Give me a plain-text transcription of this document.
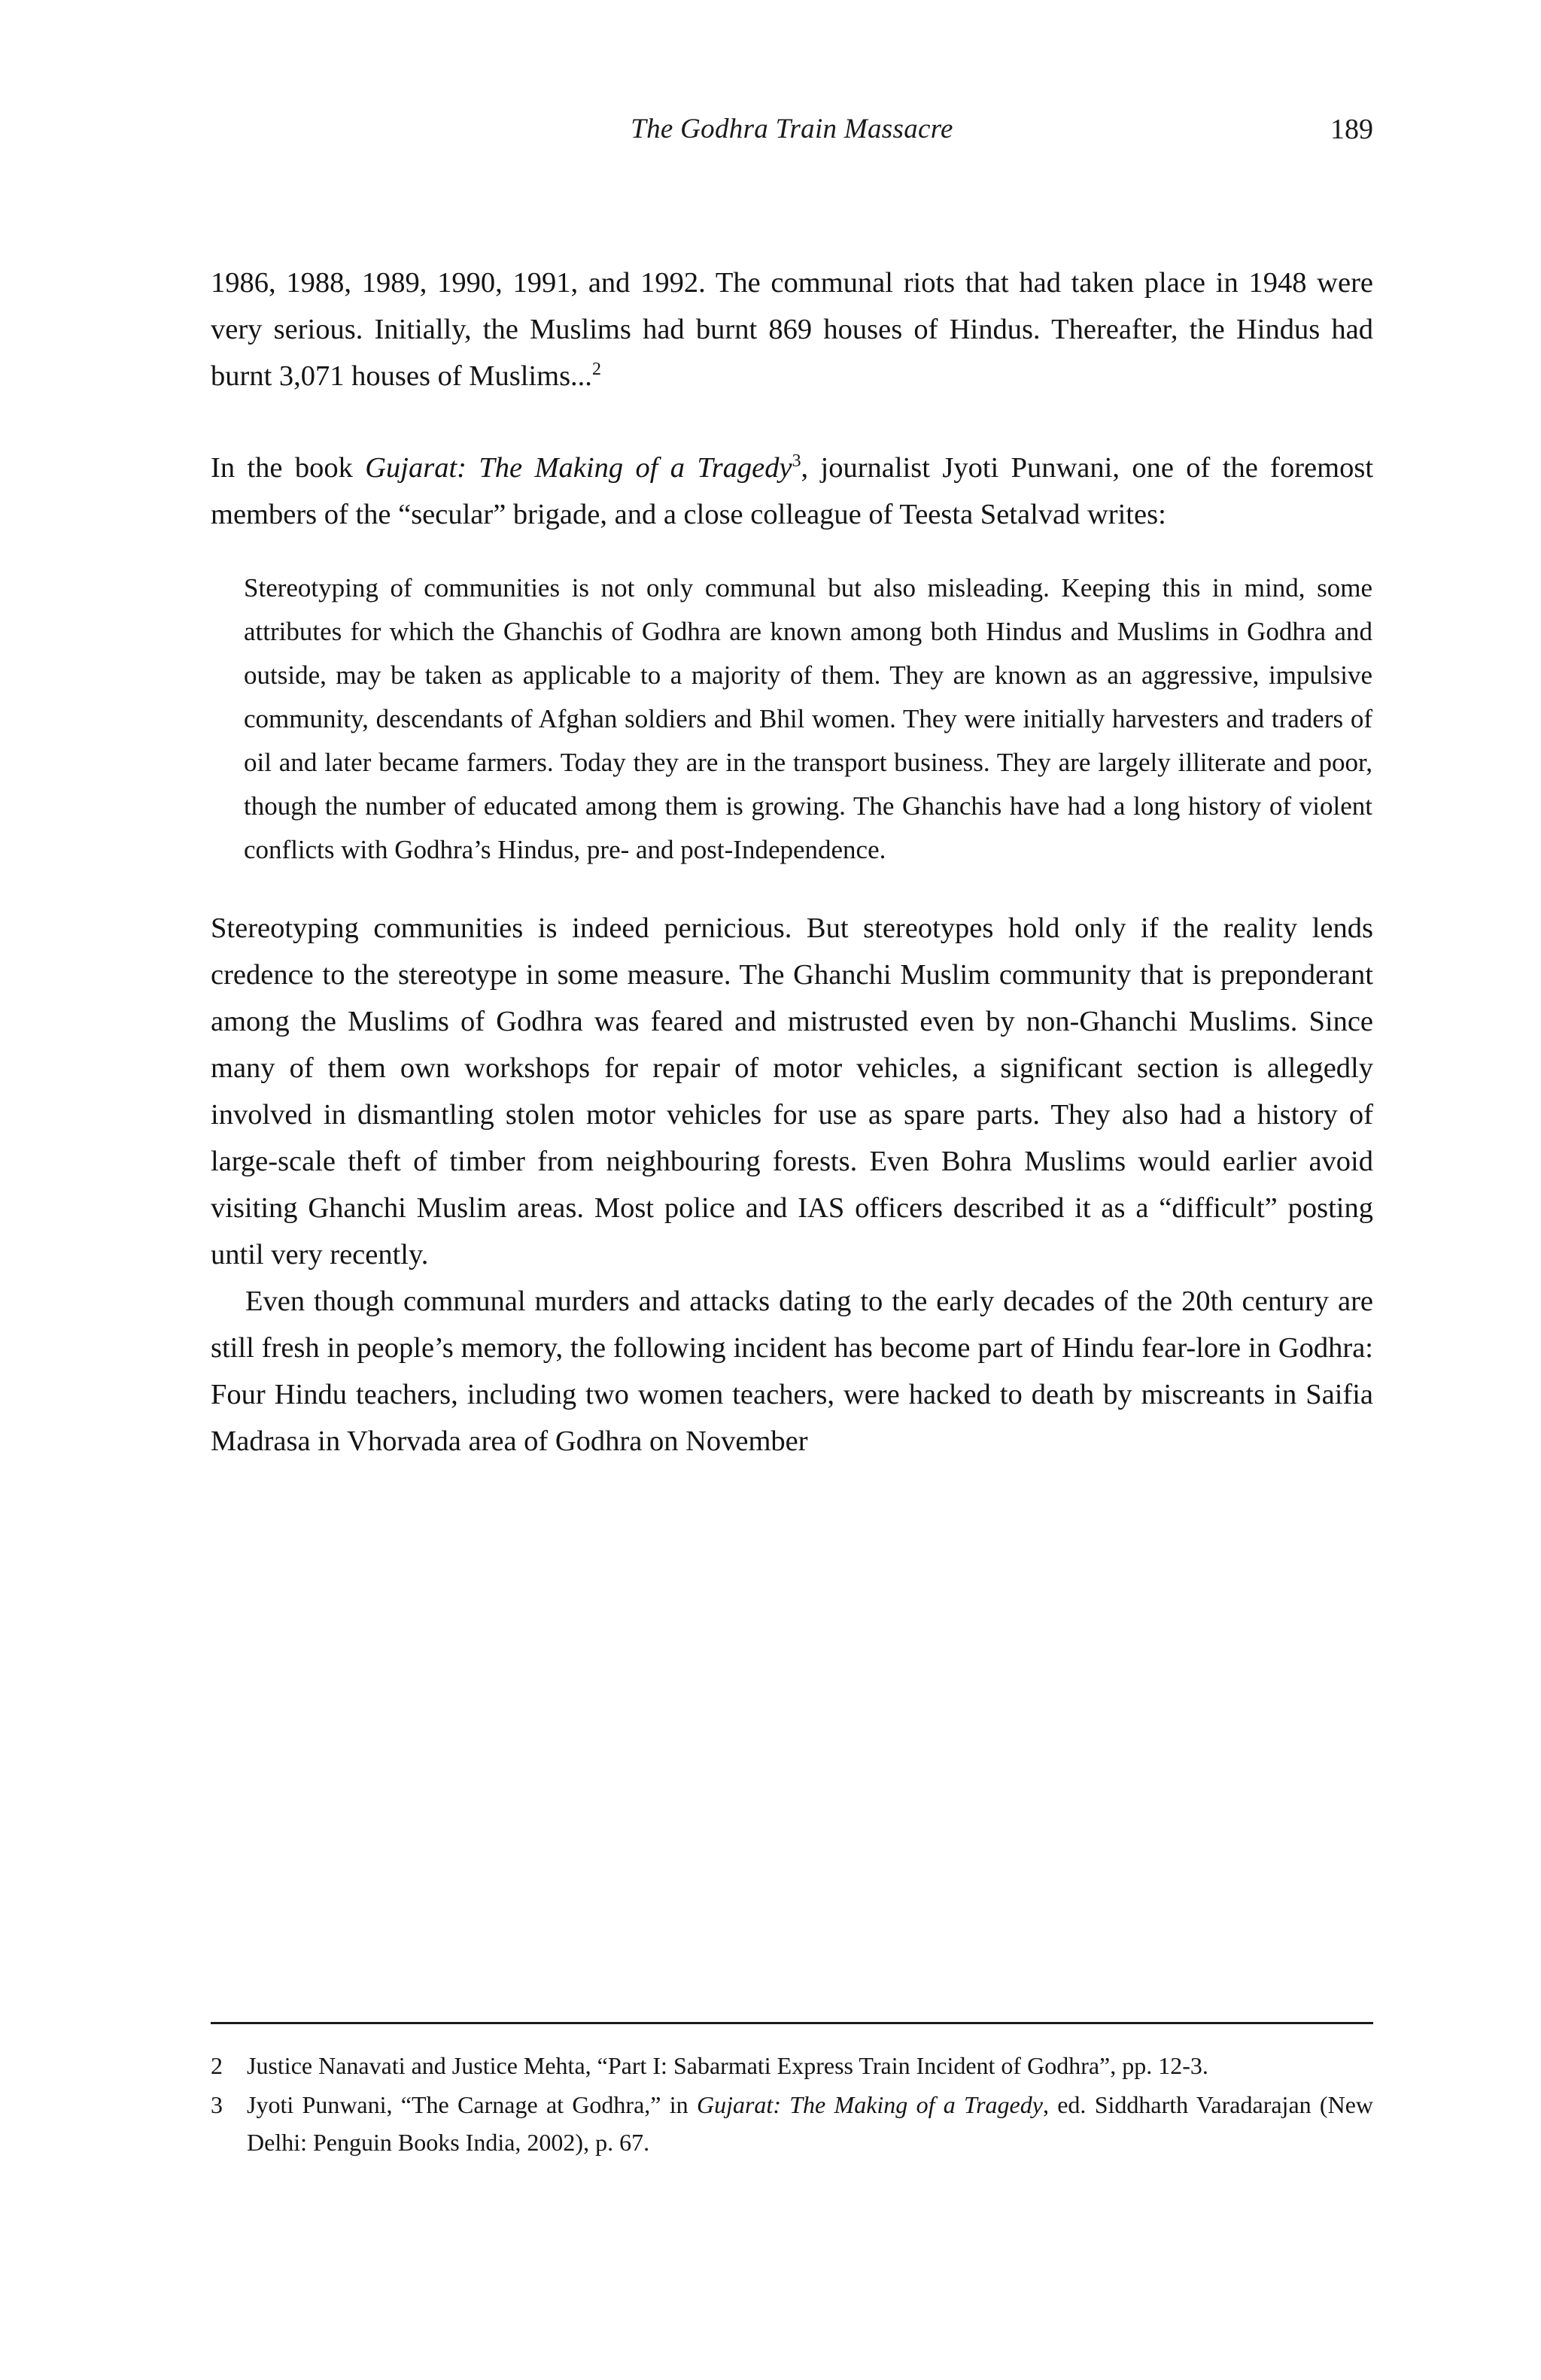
The Godhra Train Massacre	189

1986, 1988, 1989, 1990, 1991, and 1992. The communal riots that had taken place in 1948 were very serious. Initially, the Muslims had burnt 869 houses of Hindus. Thereafter, the Hindus had burnt 3,071 houses of Muslims...$^2$

In the book Gujarat: The Making of a Tragedy$^3$, journalist Jyoti Punwani, one of the foremost members of the “secular” brigade, and a close colleague of Teesta Setalvad writes:

Stereotyping of communities is not only communal but also misleading. Keeping this in mind, some attributes for which the Ghanchis of Godhra are known among both Hindus and Muslims in Godhra and outside, may be taken as applicable to a majority of them. They are known as an aggressive, impulsive community, descendants of Afghan soldiers and Bhil women. They were initially harvesters and traders of oil and later became farmers. Today they are in the transport business. They are largely illiterate and poor, though the number of educated among them is growing. The Ghanchis have had a long history of violent conflicts with Godhra’s Hindus, pre- and post-Independence.

Stereotyping communities is indeed pernicious. But stereotypes hold only if the reality lends credence to the stereotype in some measure. The Ghanchi Muslim community that is preponderant among the Muslims of Godhra was feared and mistrusted even by non-Ghanchi Muslims. Since many of them own workshops for repair of motor vehicles, a significant section is allegedly involved in dismantling stolen motor vehicles for use as spare parts. They also had a history of large-scale theft of timber from neighbouring forests. Even Bohra Muslims would earlier avoid visiting Ghanchi Muslim areas. Most police and IAS officers described it as a “difficult” posting until very recently.

Even though communal murders and attacks dating to the early decades of the 20th century are still fresh in people’s memory, the following incident has become part of Hindu fear-lore in Godhra: Four Hindu teachers, including two women teachers, were hacked to death by miscreants in Saifia Madrasa in Vhorvada area of Godhra on November

2	Justice Nanavati and Justice Mehta, “Part I: Sabarmati Express Train Incident of Godhra”, pp. 12-3.
3	Jyoti Punwani, “The Carnage at Godhra,” in Gujarat: The Making of a Tragedy, ed. Siddharth Varadarajan (New Delhi: Penguin Books India, 2002), p. 67.
